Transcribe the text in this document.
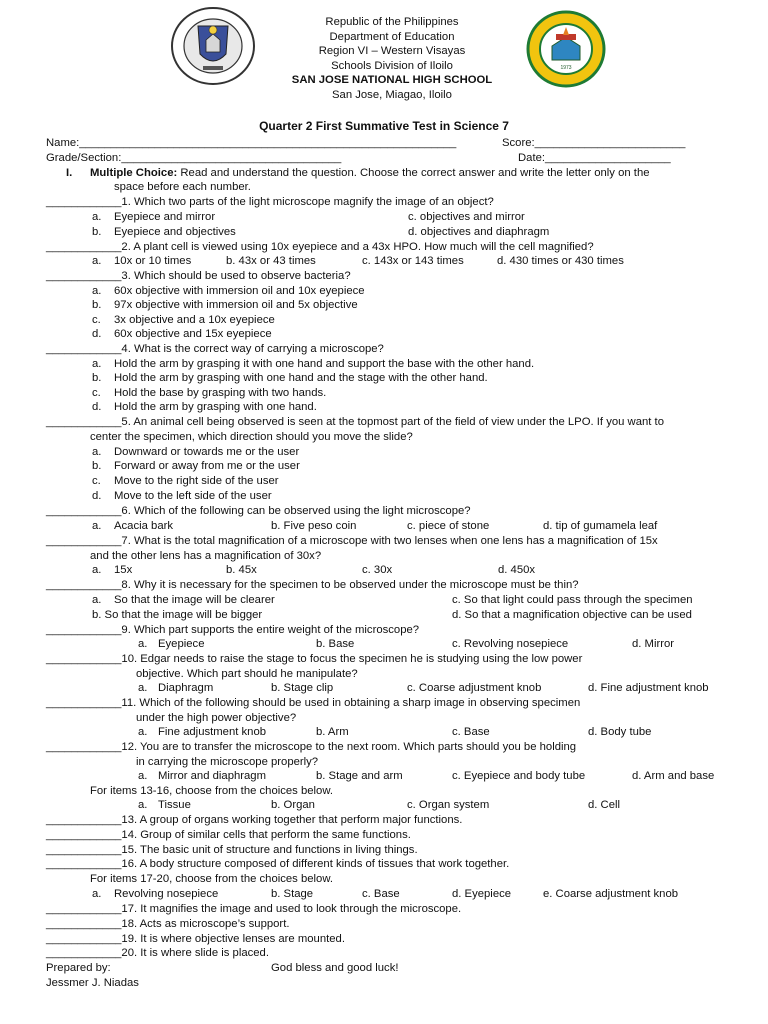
1973
Republic of the Philippines
Department of Education
Region VI – Western Visayas
Schools Division of Iloilo
SAN JOSE NATIONAL HIGH SCHOOL
San Jose, Miagao, Iloilo
Quarter 2 First Summative Test in Science 7
Name:____________________________________________________________	Score:________________________
Grade/Section:___________________________________	Date:____________________
I. Multiple Choice: Read and understand the question. Choose the correct answer and write the letter only on the
space before each number.
____________1. Which two parts of the light microscope magnify the image of an object?
a. Eyepiece and mirror	c. objectives and mirror
b. Eyepiece and objectives	d. objectives and diaphragm
____________2. A plant cell is viewed using 10x eyepiece and a 43x HPO. How much will the cell magnified?
a. 10x or 10 times	b. 43x or 43 times	c. 143x or 143 times	d. 430 times or 430 times
____________3. Which should be used to observe bacteria?
a. 60x objective with immersion oil and 10x eyepiece
b. 97x objective with immersion oil and 5x objective
c. 3x objective and a 10x eyepiece
d. 60x objective and 15x eyepiece
____________4. What is the correct way of carrying a microscope?
a. Hold the arm by grasping it with one hand and support the base with the other hand.
b. Hold the arm by grasping with one hand and the stage with the other hand.
c. Hold the base by grasping with two hands.
d. Hold the arm by grasping with one hand.
____________5. An animal cell being observed is seen at the topmost part of the field of view under the LPO. If you want to
center the specimen, which direction should you move the slide?
a. Downward or towards me or the user
b. Forward or away from me or the user
c. Move to the right side of the user
d. Move to the left side of the user
____________6. Which of the following can be observed using the light microscope?
a. Acacia bark	b. Five peso coin	c. piece of stone	d. tip of gumamela leaf
____________7. What is the total magnification of a microscope with two lenses when one lens has a magnification of 15x
and the other lens has a magnification of 30x?
a. 15x	b. 45x	c. 30x	d. 450x
____________8. Why it is necessary for the specimen to be observed under the microscope must be thin?
a. So that the image will be clearer	c. So that light could pass through the specimen
b. So that the image will be bigger	d. So that a magnification objective can be used
____________9. Which part supports the entire weight of the microscope?
a. Eyepiece	b. Base	c. Revolving nosepiece	d. Mirror
____________10. Edgar needs to raise the stage to focus the specimen he is studying using the low power
objective. Which part should he manipulate?
a. Diaphragm	b. Stage clip	c. Coarse adjustment knob	d. Fine adjustment knob
____________11. Which of the following should be used in obtaining a sharp image in observing specimen
under the high power objective?
a. Fine adjustment knob	b. Arm	c. Base	d. Body tube
____________12. You are to transfer the microscope to the next room. Which parts should you be holding
in carrying the microscope properly?
a. Mirror and diaphragm	b. Stage and arm	c. Eyepiece and body tube	d. Arm and base
For items 13-16, choose from the choices below.
a. Tissue	b. Organ	c. Organ system	d. Cell
____________13. A group of organs working together that perform major functions.
____________14. Group of similar cells that perform the same functions.
____________15. The basic unit of structure and functions in living things.
____________16. A body structure composed of different kinds of tissues that work together.
For items 17-20, choose from the choices below.
a. Revolving nosepiece	b. Stage	c. Base	d. Eyepiece	e. Coarse adjustment knob
____________17. It magnifies the image and used to look through the microscope.
____________18. Acts as microscope’s support.
____________19. It is where objective lenses are mounted.
____________20. It is where slide is placed.
Prepared by:	God bless and good luck!
Jessmer J. Niadas
